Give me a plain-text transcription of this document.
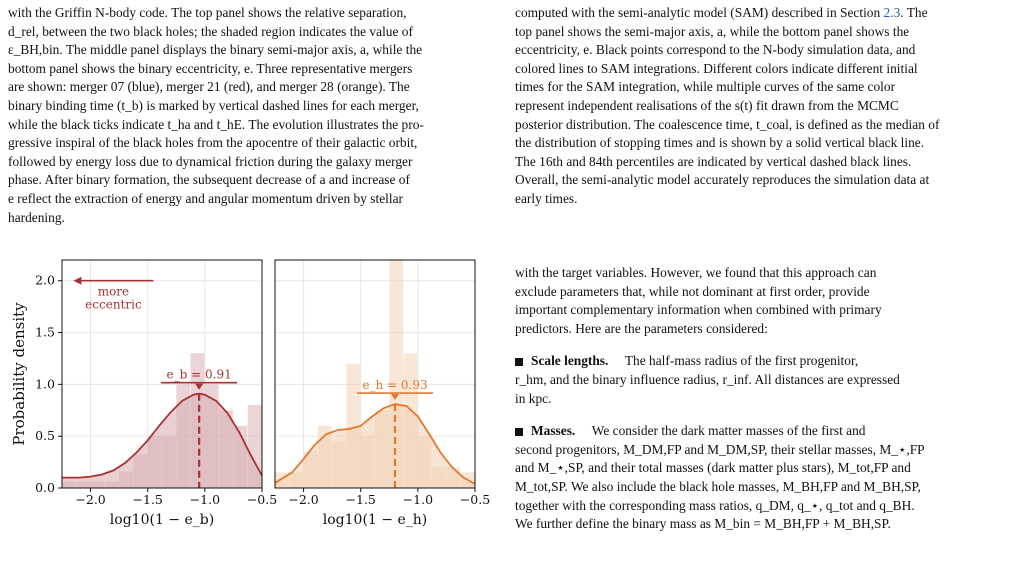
with the Griffin N-body code. The top panel shows the relative separation,

d_rel, between the two black holes; the shaded region indicates the value of

ε_BH,bin. The middle panel displays the binary semi-major axis, a, while the

bottom panel shows the binary eccentricity, e. Three representative mergers

are shown: merger 07 (blue), merger 21 (red), and merger 28 (orange). The

binary binding time (t_b) is marked by vertical dashed lines for each merger,

while the black ticks indicate t_ha and t_hE. The evolution illustrates the pro-

gressive inspiral of the black holes from the apocentre of their galactic orbit,

followed by energy loss due to dynamical friction during the galaxy merger

phase. After binary formation, the subsequent decrease of a and increase of

e reflect the extraction of energy and angular momentum driven by stellar

hardening.

computed with the semi-analytic model (SAM) described in Section 2.3. The

top panel shows the semi-major axis, a, while the bottom panel shows the

eccentricity, e. Black points correspond to the N-body simulation data, and

colored lines to SAM integrations. Different colors indicate different initial

times for the SAM integration, while multiple curves of the same color

represent independent realisations of the s(t) fit drawn from the MCMC

posterior distribution. The coalescence time, t_coal, is defined as the median of

the distribution of stopping times and is shown by a solid vertical black line.

The 16th and 84th percentiles are indicated by vertical dashed black lines.

Overall, the semi-analytic model accurately reproduces the simulation data at

early times.

with the target variables. However, we found that this approach can

exclude parameters that, while not dominant at first order, provide

important complementary information when combined with primary

predictors. Here are the parameters considered:

Scale lengths. The half-mass radius of the first progenitor,

r_hm, and the binary influence radius, r_inf. All distances are expressed

in kpc.

Masses. We consider the dark matter masses of the first and

second progenitors, M_DM,FP and M_DM,SP, their stellar masses, M_⋆,FP

and M_⋆,SP, and their total masses (dark matter plus stars), M_tot,FP and

M_tot,SP. We also include the black hole masses, M_BH,FP and M_BH,SP,

together with the corresponding mass ratios, q_DM, q_⋆, q_tot and q_BH.

We further define the binary mass as M_bin = M_BH,FP + M_BH,SP.

e_b = 0.91
more
eccentric
−2.0 −1.5 −1.0 −0.5
log10(1 − e_b)
0.0
0.5
1.0
1.5
2.0
Probability density	e_h = 0.93
−2.0 −1.5 −1.0 −0.5
log10(1 − e_h)
